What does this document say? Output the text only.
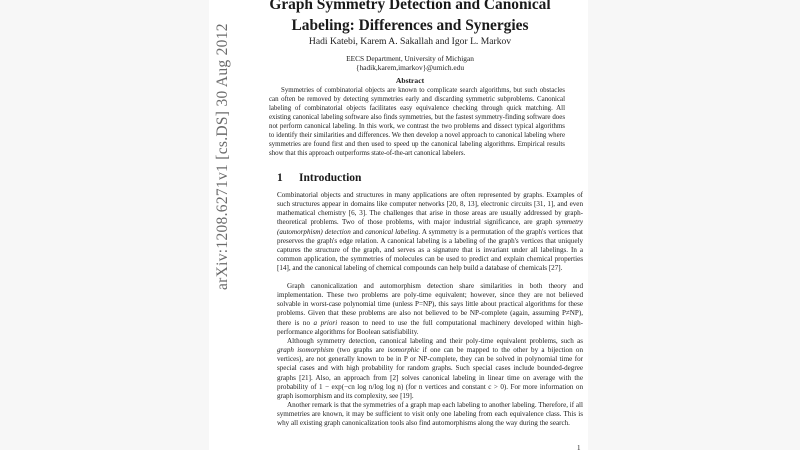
arXiv:1208.6271v1 [cs.DS] 30 Aug 2012
Graph Symmetry Detection and Canonical
Labeling: Differences and Synergies
Hadi Katebi, Karem A. Sakallah and Igor L. Markov
EECS Department, University of Michigan
{hadik,karem,imarkov}@umich.edu
Abstract
Symmetries of combinatorial objects are known to complicate search algorithms, but such obstacles can often be removed by detecting symmetries early and discarding symmetric subproblems. Canonical labeling of combinatorial objects facilitates easy equivalence checking through quick matching. All existing canonical labeling software also finds symmetries, but the fastest symmetry-finding software does not perform canonical labeling. In this work, we contrast the two problems and dissect typical algorithms to identify their similarities and differences. We then develop a novel approach to canonical labeling where symmetries are found first and then used to speed up the canonical labeling algorithms. Empirical results show that this approach outperforms state-of-the-art canonical labelers.
1 Introduction
Combinatorial objects and structures in many applications are often represented by graphs. Examples of such structures appear in domains like computer networks [20, 8, 13], electronic circuits [31, 1], and even mathematical chemistry [6, 3]. The challenges that arise in those areas are usually addressed by graph-theoretical problems. Two of those problems, with major industrial significance, are graph symmetry (automorphism) detection and canonical labeling. A symmetry is a permutation of the graph's vertices that preserves the graph's edge relation. A canonical labeling is a labeling of the graph's vertices that uniquely captures the structure of the graph, and serves as a signature that is invariant under all labelings. In a common application, the symmetries of molecules can be used to predict and explain chemical properties [14], and the canonical labeling of chemical compounds can help build a database of chemicals [27].
Graph canonicalization and automorphism detection share similarities in both theory and implementation. These two problems are poly-time equivalent; however, since they are not believed solvable in worst-case polynomial time (unless P=NP), this says little about practical algorithms for these problems. Given that these problems are also not believed to be NP-complete (again, assuming P≠NP), there is no a priori reason to need to use the full computational machinery developed within high-performance algorithms for Boolean satisfiability.
Although symmetry detection, canonical labeling and their poly-time equivalent problems, such as graph isomorphism (two graphs are isomorphic if one can be mapped to the other by a bijection on vertices), are not generally known to be in P or NP-complete, they can be solved in polynomial time for special cases and with high probability for random graphs. Such special cases include bounded-degree graphs [21]. Also, an approach from [2] solves canonical labeling in linear time on average with the probability of 1 − exp(−cn log n/log log n) (for n vertices and constant c > 0). For more information on graph isomorphism and its complexity, see [19].
Another remark is that the symmetries of a graph map each labeling to another labeling. Therefore, if all symmetries are known, it may be sufficient to visit only one labeling from each equivalence class. This is why all existing graph canonicalization tools also find automorphisms along the way during the search.
1
